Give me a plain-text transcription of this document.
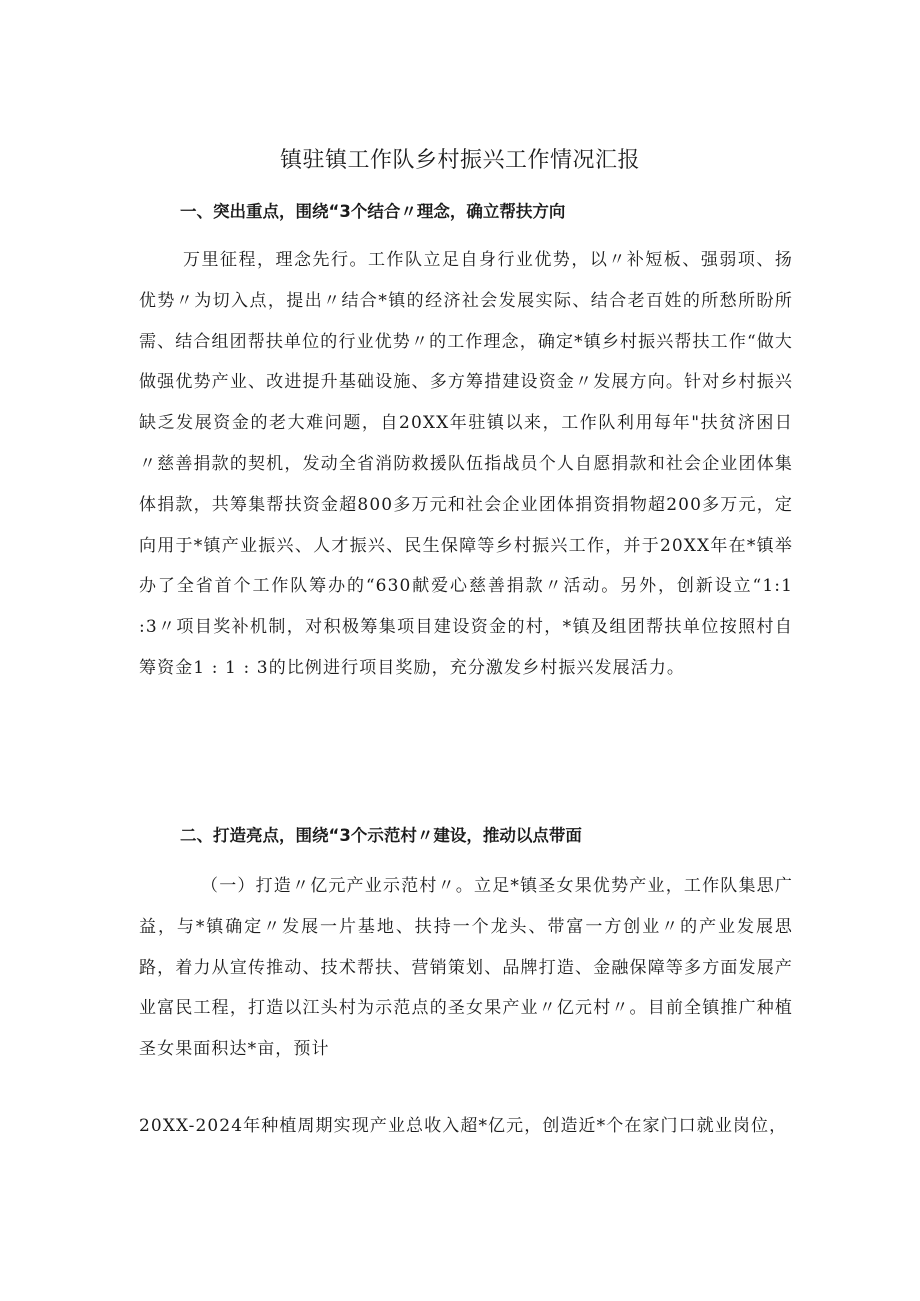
镇驻镇工作队乡村振兴工作情况汇报
一、突出重点，围绕“3个结合〃理念，确立帮扶方向
万里征程，理念先行。工作队立足自身行业优势，以〃补短板、强弱项、扬优势〃为切入点，提出〃结合*镇的经济社会发展实际、结合老百姓的所愁所盼所需、结合组团帮扶单位的行业优势〃的工作理念，确定*镇乡村振兴帮扶工作“做大做强优势产业、改进提升基础设施、多方筹措建设资金〃发展方向。针对乡村振兴缺乏发展资金的老大难问题，自20XX年驻镇以来，工作队利用每年"扶贫济困日〃慈善捐款的契机，发动全省消防救援队伍指战员个人自愿捐款和社会企业团体集体捐款，共筹集帮扶资金超800多万元和社会企业团体捐资捐物超200多万元，定向用于*镇产业振兴、人才振兴、民生保障等乡村振兴工作，并于20XX年在*镇举办了全省首个工作队筹办的“630献爱心慈善捐款〃活动。另外，创新设立“1:1 :3〃项目奖补机制，对积极筹集项目建设资金的村，*镇及组团帮扶单位按照村自筹资金1 : 1 : 3的比例进行项目奖励，充分激发乡村振兴发展活力。
二、打造亮点，围绕“3个示范村〃建设，推动以点带面
（一）打造〃亿元产业示范村〃。立足*镇圣女果优势产业，工作队集思广益，与*镇确定〃发展一片基地、扶持一个龙头、带富一方创业〃的产业发展思路，着力从宣传推动、技术帮扶、营销策划、品牌打造、金融保障等多方面发展产业富民工程，打造以江头村为示范点的圣女果产业〃亿元村〃。目前全镇推广种植圣女果面积达*亩，预计
20XX-2024年种植周期实现产业总收入超*亿元，创造近*个在家门口就业岗位，
